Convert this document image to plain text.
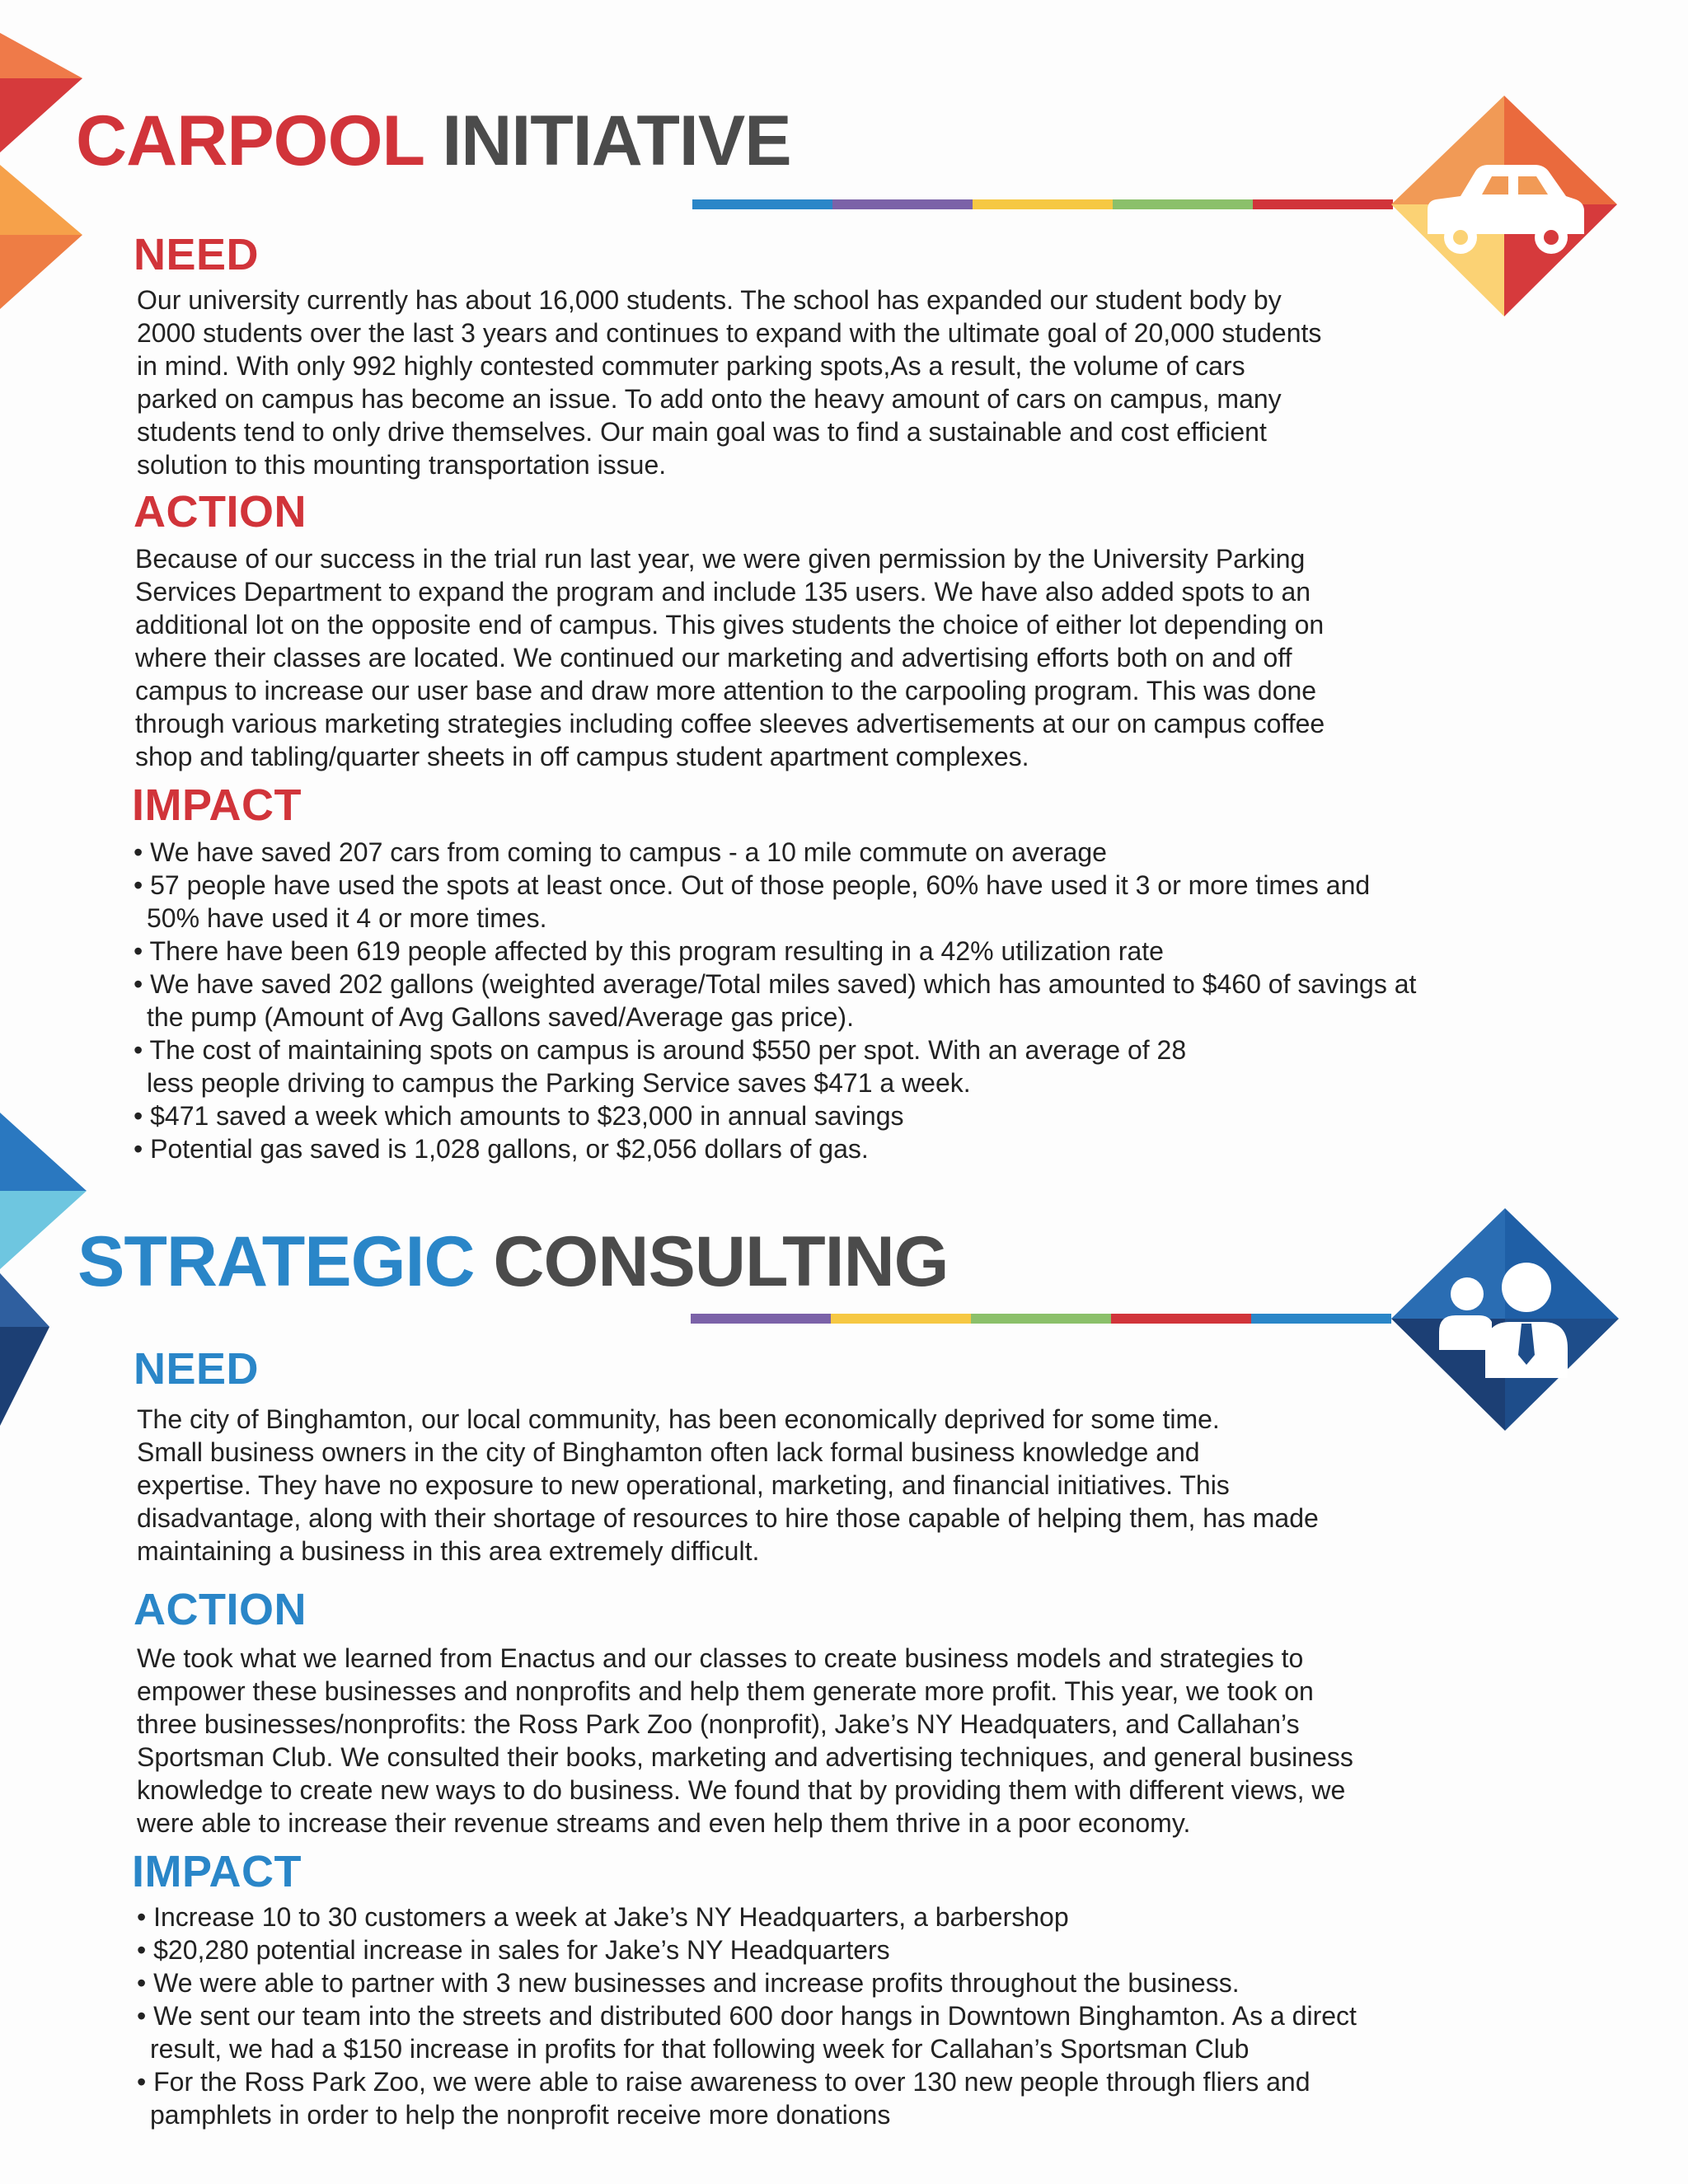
CARPOOL INITIATIVE
NEED
Our university currently has about 16,000 students. The school has expanded our student body by
2000 students over the last 3 years and continues to expand with the ultimate goal of 20,000 students
in mind. With only 992 highly contested commuter parking spots,As a result, the volume of cars
parked on campus has become an issue. To add onto the heavy amount of cars on campus, many
students tend to only drive themselves. Our main goal was to find a sustainable and cost efficient
solution to this mounting transportation issue.
ACTION
Because of our success in the trial run last year, we were given permission by the University Parking
Services Department to expand the program and include 135 users. We have also added spots to an
additional lot on the opposite end of campus. This gives students the choice of either lot depending on
where their classes are located. We continued our marketing and advertising efforts both on and off
campus to increase our user base and draw more attention to the carpooling program. This was done
through various marketing strategies including coffee sleeves advertisements at our on campus coffee
shop and tabling/quarter sheets in off campus student apartment complexes.
IMPACT
• We have saved 207 cars from coming to campus - a 10 mile commute on average
• 57 people have used the spots at least once. Out of those people, 60% have used it 3 or more times and
50% have used it 4 or more times.
• There have been 619 people affected by this program resulting in a 42% utilization rate
• We have saved 202 gallons (weighted average/Total miles saved) which has amounted to $460 of savings at
the pump (Amount of Avg Gallons saved/Average gas price).
• The cost of maintaining spots on campus is around $550 per spot. With an average of 28
less people driving to campus the Parking Service saves $471 a week.
• $471 saved a week which amounts to $23,000 in annual savings
• Potential gas saved is 1,028 gallons, or $2,056 dollars of gas.
STRATEGIC CONSULTING
NEED
The city of Binghamton, our local community, has been economically deprived for some time.
Small business owners in the city of Binghamton often lack formal business knowledge and
expertise. They have no exposure to new operational, marketing, and financial initiatives. This
disadvantage, along with their shortage of resources to hire those capable of helping them, has made
maintaining a business in this area extremely difficult.
ACTION
We took what we learned from Enactus and our classes to create business models and strategies to
empower these businesses and nonprofits and help them generate more profit. This year, we took on
three businesses/nonprofits: the Ross Park Zoo (nonprofit), Jake’s NY Headquaters, and Callahan’s
Sportsman Club. We consulted their books, marketing and advertising techniques, and general business
knowledge to create new ways to do business. We found that by providing them with different views, we
were able to increase their revenue streams and even help them thrive in a poor economy.
IMPACT
• Increase 10 to 30 customers a week at Jake’s NY Headquarters, a barbershop
• $20,280 potential increase in sales for Jake’s NY Headquarters
• We were able to partner with 3 new businesses and increase profits throughout the business.
• We sent our team into the streets and distributed 600 door hangs in Downtown Binghamton. As a direct
result, we had a $150 increase in profits for that following week for Callahan’s Sportsman Club
• For the Ross Park Zoo, we were able to raise awareness to over 130 new people through fliers and
pamphlets in order to help the nonprofit receive more donations
